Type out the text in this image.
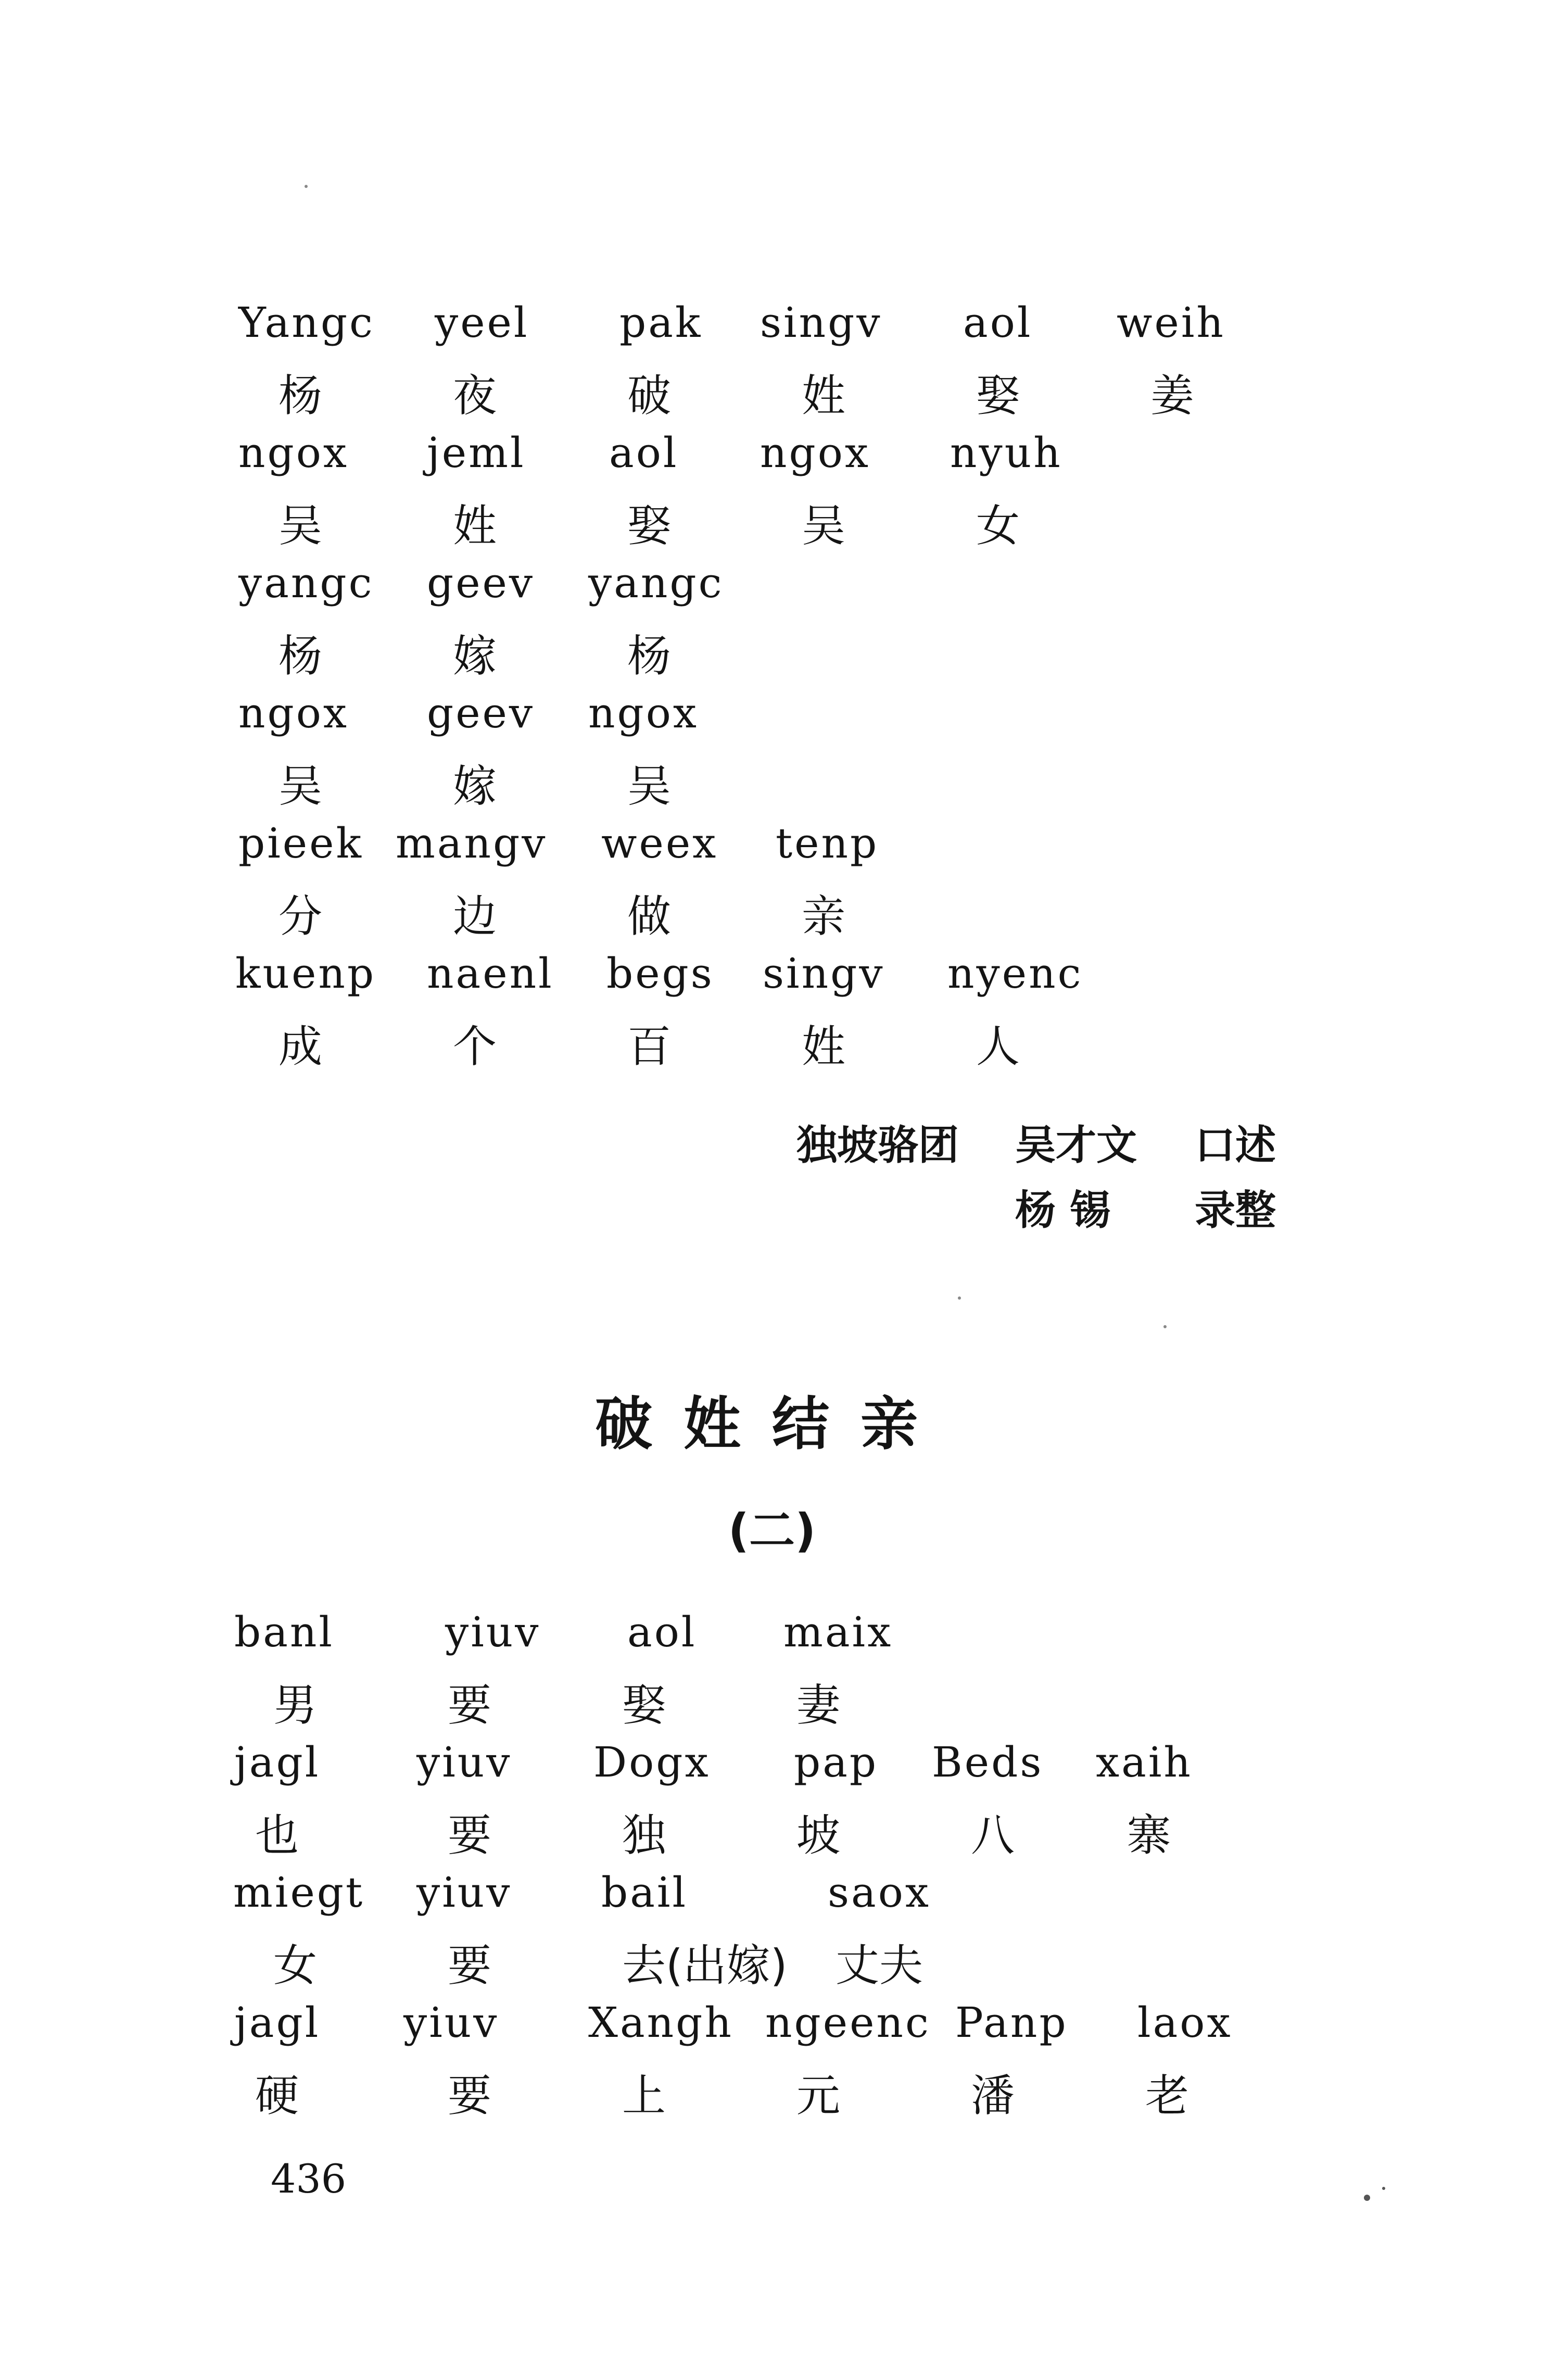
Yangc yeel pak singv aol weih
杨	夜	破	姓	娶	姜
ngox jeml aol ngox nyuh
吴	姓	娶	吴	女
yangc geev yangc
杨	嫁	杨
ngox geev ngox
吴	嫁	吴
pieek mangv weex tenp
分	边	做	亲
kuenp naenl begs singv nyenc
成	个	百	姓	人
独坡骆团 吴才文 口述
杨 锡 录整
破姓结亲
(二)
banl	yiuv aol maix
男	要	娶	妻
jagl yiuv Dogx pap Beds xaih
也	要	独	坡	八	寨
miegt yiuv bail	saox
女	要	去(出嫁) 丈夫
jagl yiuv Xangh ngeenc Panp laox
硬	要	上	元	潘	老
436
